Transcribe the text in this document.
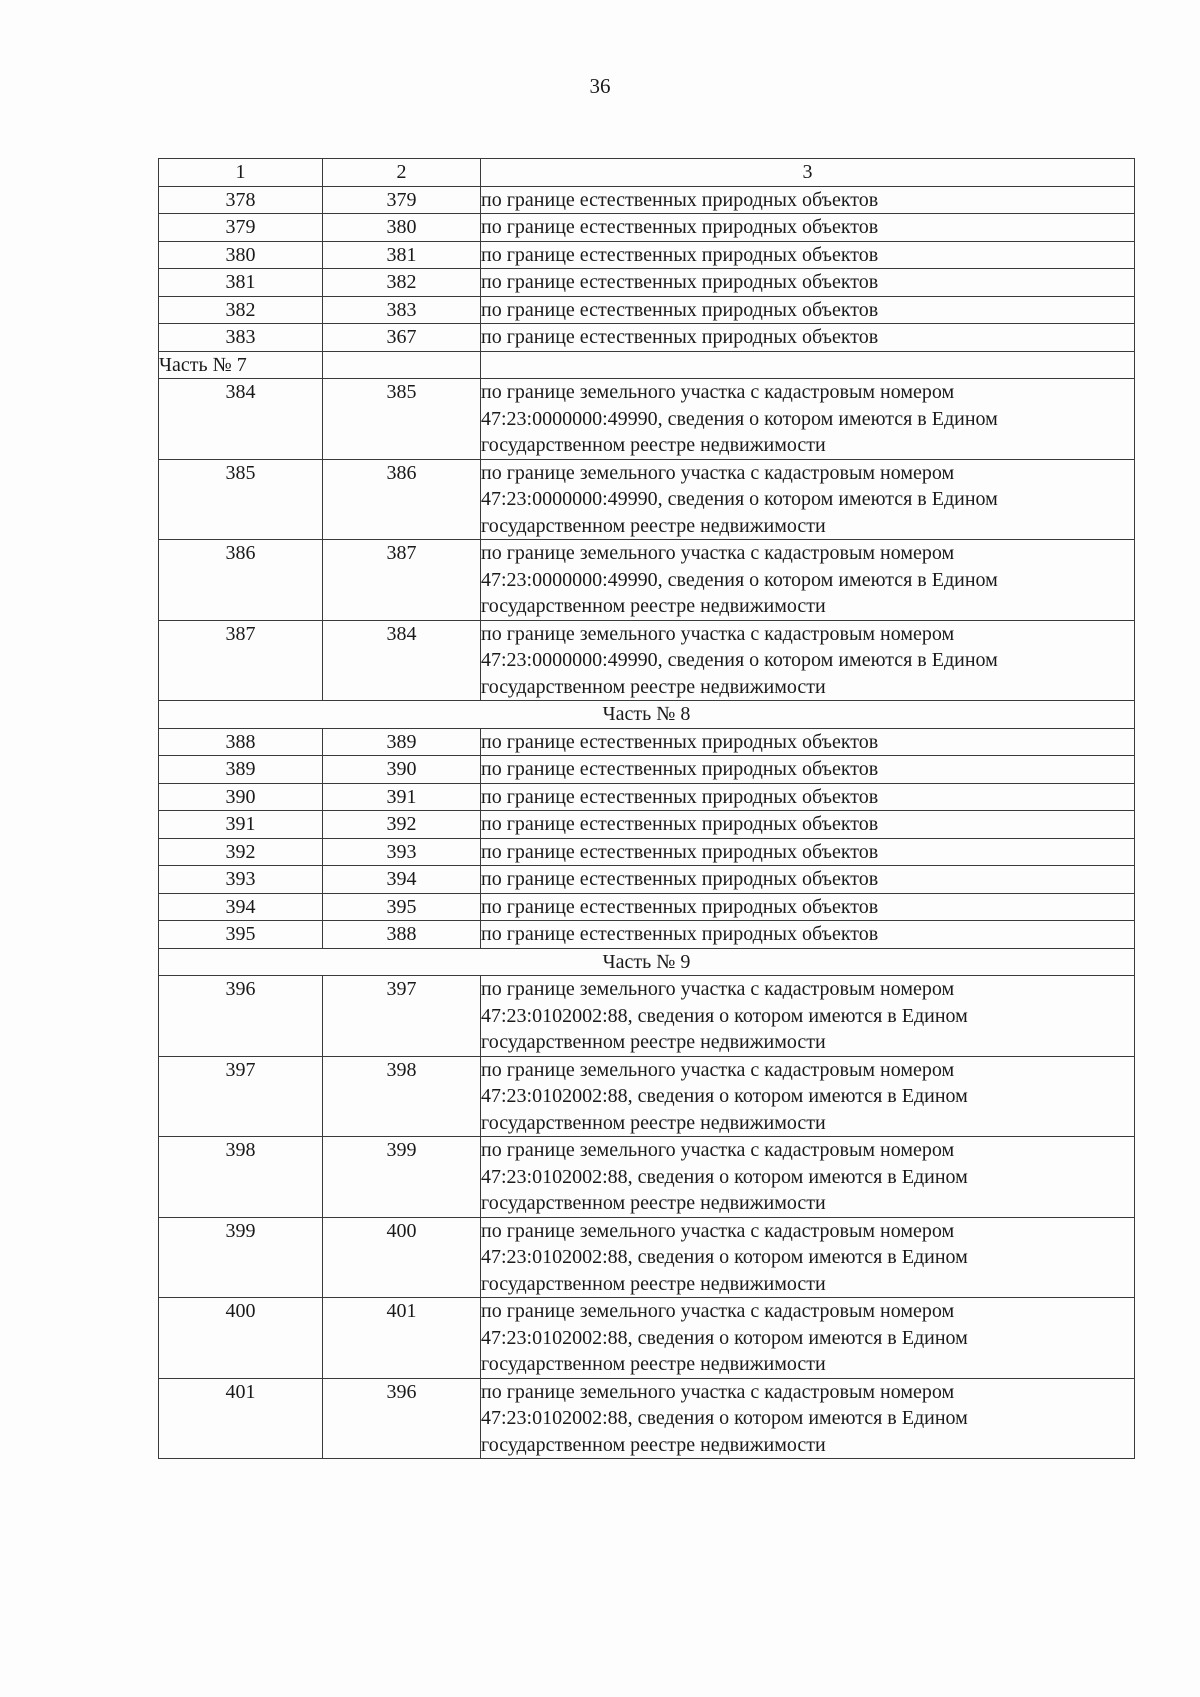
36
1	2	3
378	379	по границе естественных природных объектов
379	380	по границе естественных природных объектов
380	381	по границе естественных природных объектов
381	382	по границе естественных природных объектов
382	383	по границе естественных природных объектов
383	367	по границе естественных природных объектов
Часть № 7		
384	385	по границе земельного участка с кадастровым номером
47:23:0000000:49990, сведения о котором имеются в Едином
государственном реестре недвижимости

385	386	по границе земельного участка с кадастровым номером
47:23:0000000:49990, сведения о котором имеются в Едином
государственном реестре недвижимости

386	387	по границе земельного участка с кадастровым номером
47:23:0000000:49990, сведения о котором имеются в Едином
государственном реестре недвижимости

387	384	по границе земельного участка с кадастровым номером
47:23:0000000:49990, сведения о котором имеются в Едином
государственном реестре недвижимости

Часть № 8		
388	389	по границе естественных природных объектов
389	390	по границе естественных природных объектов
390	391	по границе естественных природных объектов
391	392	по границе естественных природных объектов
392	393	по границе естественных природных объектов
393	394	по границе естественных природных объектов
394	395	по границе естественных природных объектов
395	388	по границе естественных природных объектов
Часть № 9		
396	397	по границе земельного участка с кадастровым номером
47:23:0102002:88, сведения о котором имеются в Едином
государственном реестре недвижимости

397	398	по границе земельного участка с кадастровым номером
47:23:0102002:88, сведения о котором имеются в Едином
государственном реестре недвижимости

398	399	по границе земельного участка с кадастровым номером
47:23:0102002:88, сведения о котором имеются в Едином
государственном реестре недвижимости

399	400	по границе земельного участка с кадастровым номером
47:23:0102002:88, сведения о котором имеются в Едином
государственном реестре недвижимости

400	401	по границе земельного участка с кадастровым номером
47:23:0102002:88, сведения о котором имеются в Едином
государственном реестре недвижимости

401	396	по границе земельного участка с кадастровым номером
47:23:0102002:88, сведения о котором имеются в Едином
государственном реестре недвижимости
